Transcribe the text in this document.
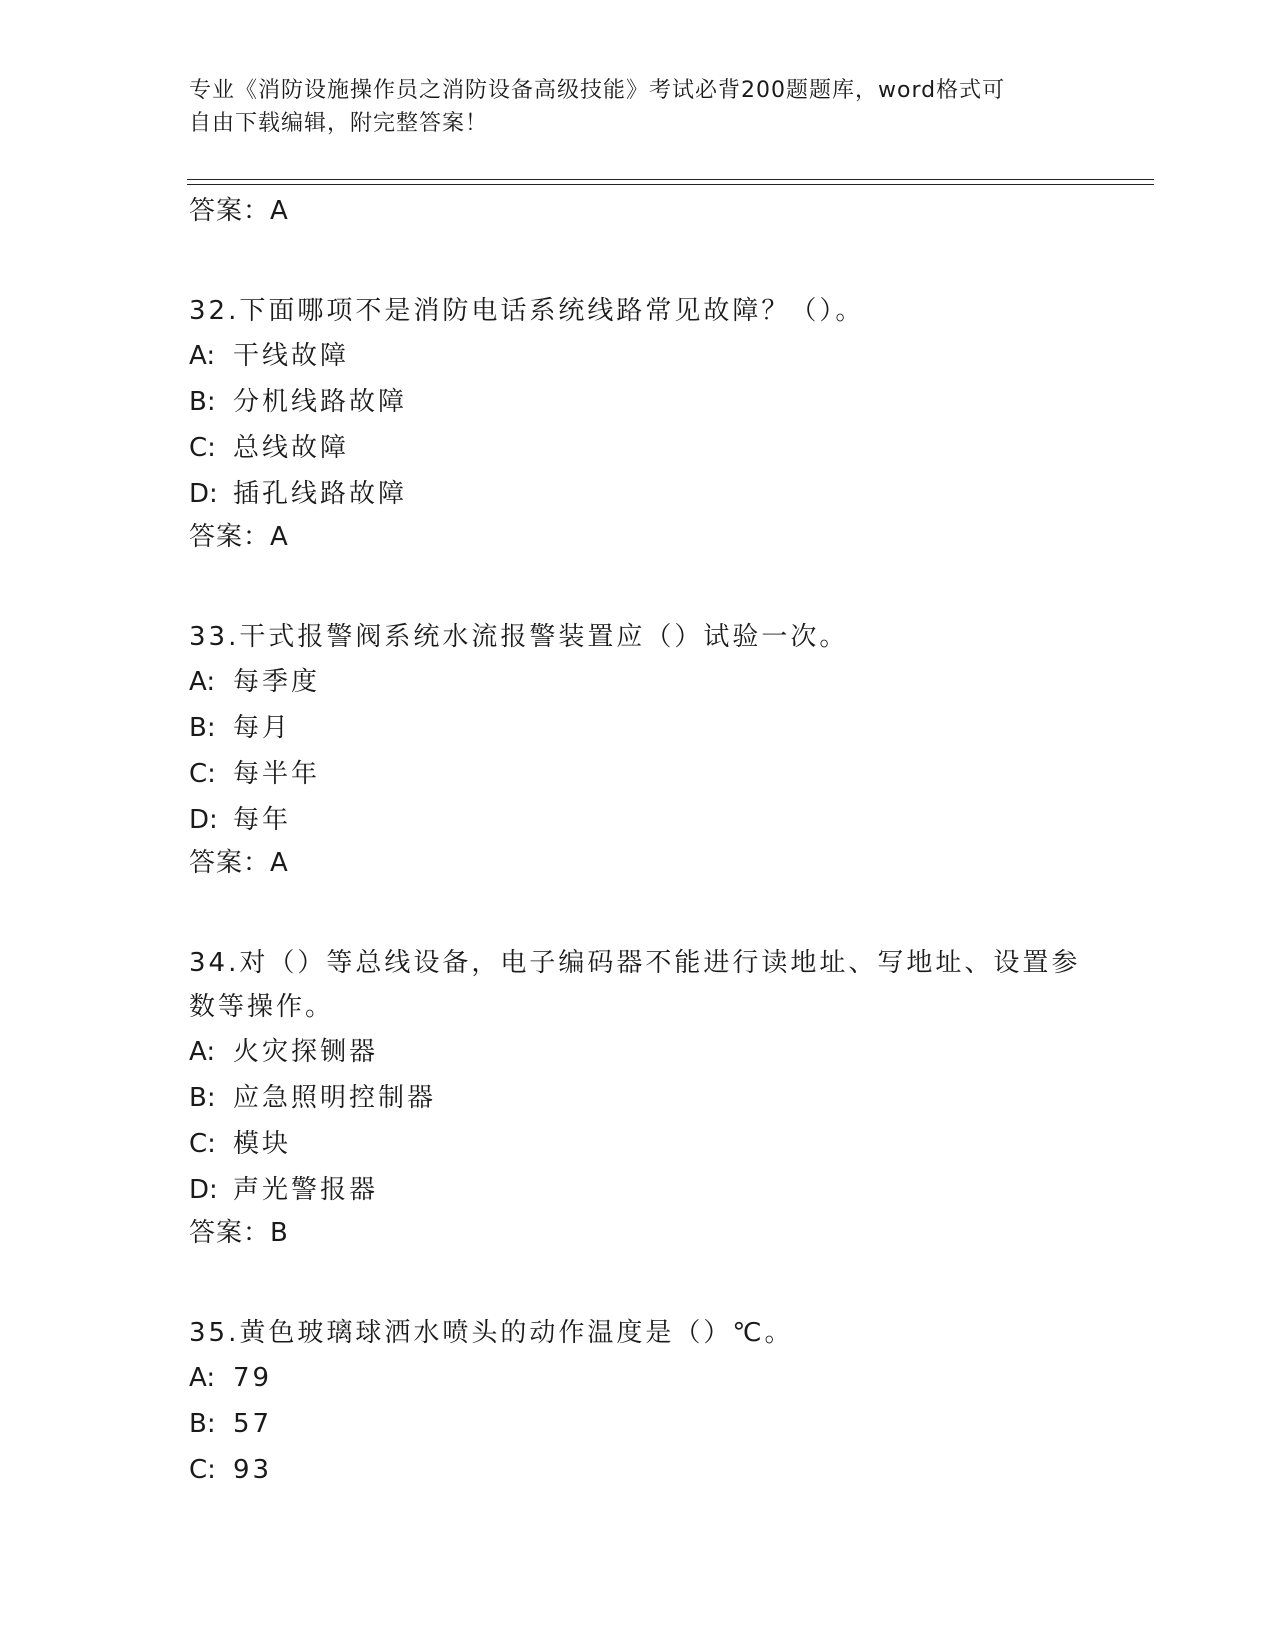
专业《消防设施操作员之消防设备高级技能》考试必背200题题库，word格式可
自由下载编辑，附完整答案！
答案：A
32.下面哪项不是消防电话系统线路常见故障？（）。
A: 干线故障
B: 分机线路故障
C: 总线故障
D: 插孔线路故障
答案：A
33.干式报警阀系统水流报警装置应（）试验一次。
A: 每季度
B: 每月
C: 每半年
D: 每年
答案：A
34.对（）等总线设备，电子编码器不能进行读地址、写地址、设置参数等操作。
A: 火灾探铡器
B: 应急照明控制器
C: 模块
D: 声光警报器
答案：B
35.黄色玻璃球洒水喷头的动作温度是（）℃。
A: 79
B: 57
C: 93
